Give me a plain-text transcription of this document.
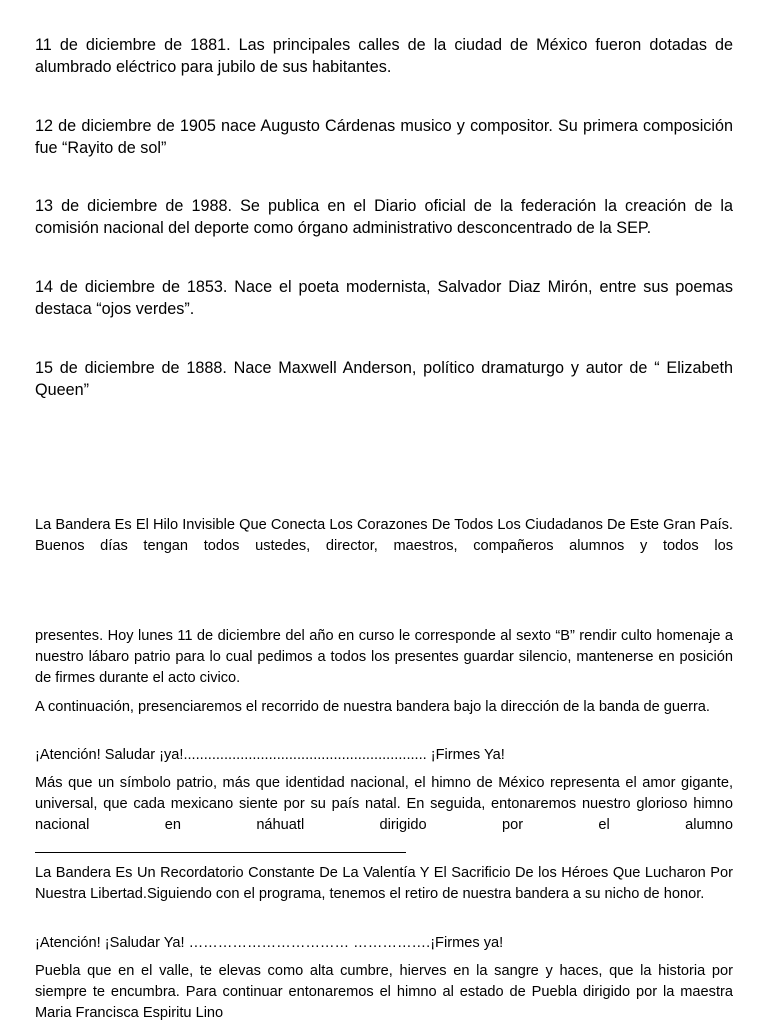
11 de diciembre de 1881. Las principales calles de la ciudad de México fueron dotadas de alumbrado eléctrico para jubilo de sus habitantes.

12 de diciembre de 1905 nace Augusto Cárdenas musico y compositor. Su primera composición fue “Rayito de sol”

13 de diciembre de 1988. Se publica en el Diario oficial de la federación la creación de la comisión nacional del deporte como órgano administrativo desconcentrado de la SEP.

14 de diciembre de 1853. Nace el poeta modernista, Salvador Diaz Mirón, entre sus poemas destaca “ojos verdes”.

15 de diciembre de 1888. Nace Maxwell Anderson, político dramaturgo y autor de “ Elizabeth Queen”

La Bandera Es El Hilo Invisible Que Conecta Los Corazones De Todos Los Ciudadanos De Este Gran País. Buenos días tengan todos ustedes, director, maestros, compañeros alumnos y todos los

presentes. Hoy lunes 11 de diciembre del año en curso le corresponde al sexto “B” rendir culto homenaje a nuestro lábaro patrio para lo cual pedimos a todos los presentes guardar silencio, mantenerse en posición de firmes durante el acto civico.

A continuación, presenciaremos el recorrido de nuestra bandera bajo la dirección de la banda de guerra.

¡Atención! Saludar ¡ya!............................................................ ¡Firmes Ya!

Más que un símbolo patrio, más que identidad nacional, el himno de México representa el amor gigante, universal, que cada mexicano siente por su país natal. En seguida, entonaremos nuestro glorioso himno nacional en náhuatl dirigido por el alumno

La Bandera Es Un Recordatorio Constante De La Valentía Y El Sacrificio De los Héroes Que Lucharon Por Nuestra Libertad.Siguiendo con el programa, tenemos el retiro de nuestra bandera a su nicho de honor.

¡Atención! ¡Saludar Ya! …………………………… …………….¡Firmes ya!

Puebla que en el valle, te elevas como alta cumbre, hierves en la sangre y haces, que la historia por siempre te encumbra. Para continuar entonaremos el himno al estado de Puebla dirigido por la maestra Maria Francisca Espiritu Lino
